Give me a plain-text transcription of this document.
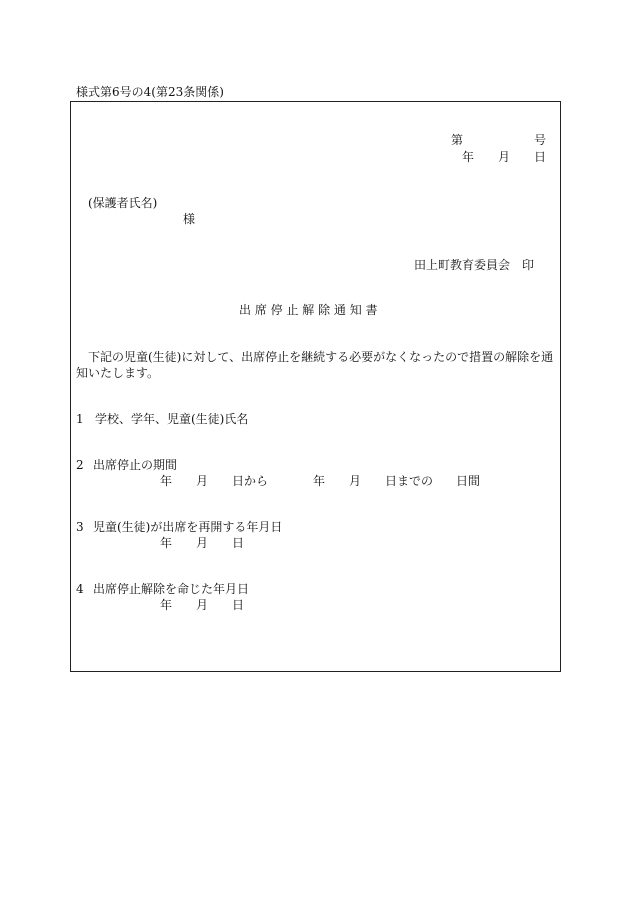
様式第6号の4(第23条関係)
第	号
年 月 日
(保護者氏名)
様
田上町教育委員会　印
出 席 停 止 解 除 通 知 書
下記の児童(生徒)に対して、出席停止を継続する必要がなくなったので措置の解除を通
知いたします。
1 学校、学年、児童(生徒)氏名
2 出席停止の期間
年 月 日から	年 月 日までの 日間
3 児童(生徒)が出席を再開する年月日
年 月 日
4 出席停止解除を命じた年月日
年 月 日
